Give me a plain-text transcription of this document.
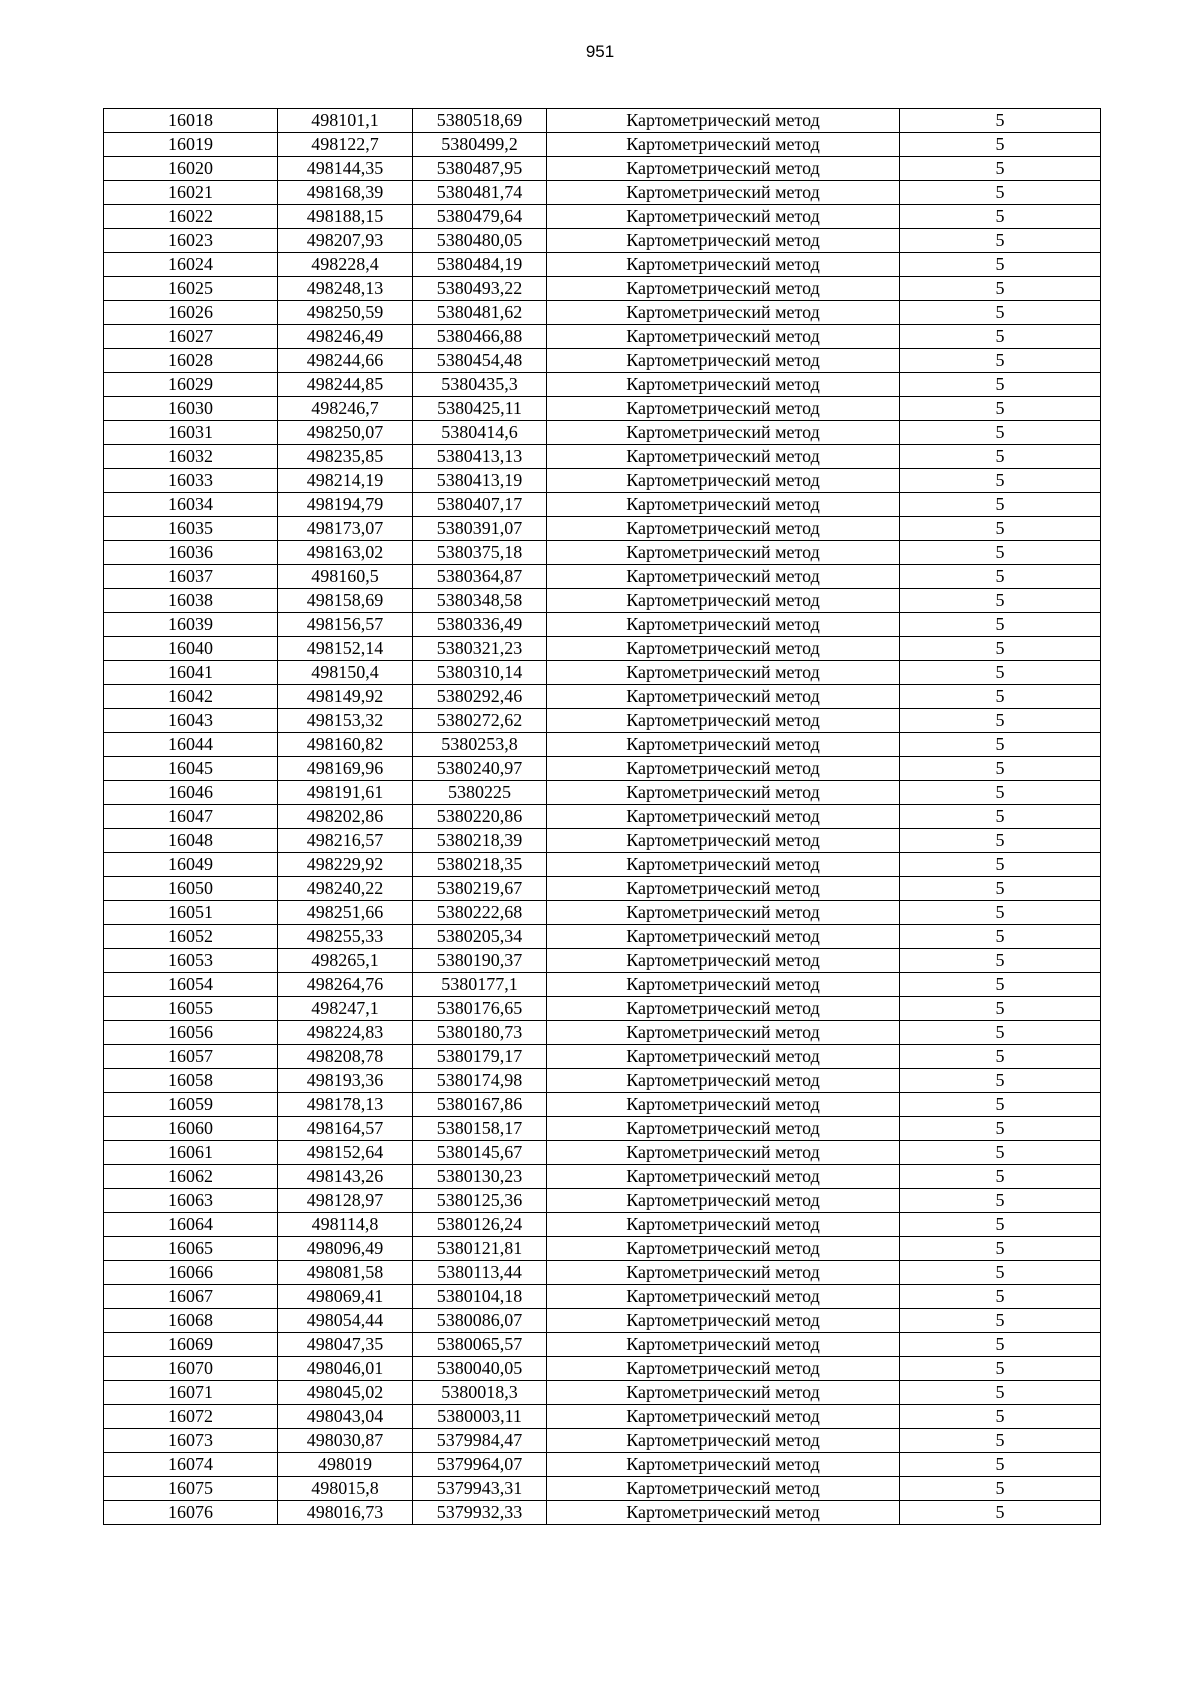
951
16018	498101,1	5380518,69	Картометрический метод	5
16019	498122,7	5380499,2	Картометрический метод	5
16020	498144,35	5380487,95	Картометрический метод	5
16021	498168,39	5380481,74	Картометрический метод	5
16022	498188,15	5380479,64	Картометрический метод	5
16023	498207,93	5380480,05	Картометрический метод	5
16024	498228,4	5380484,19	Картометрический метод	5
16025	498248,13	5380493,22	Картометрический метод	5
16026	498250,59	5380481,62	Картометрический метод	5
16027	498246,49	5380466,88	Картометрический метод	5
16028	498244,66	5380454,48	Картометрический метод	5
16029	498244,85	5380435,3	Картометрический метод	5
16030	498246,7	5380425,11	Картометрический метод	5
16031	498250,07	5380414,6	Картометрический метод	5
16032	498235,85	5380413,13	Картометрический метод	5
16033	498214,19	5380413,19	Картометрический метод	5
16034	498194,79	5380407,17	Картометрический метод	5
16035	498173,07	5380391,07	Картометрический метод	5
16036	498163,02	5380375,18	Картометрический метод	5
16037	498160,5	5380364,87	Картометрический метод	5
16038	498158,69	5380348,58	Картометрический метод	5
16039	498156,57	5380336,49	Картометрический метод	5
16040	498152,14	5380321,23	Картометрический метод	5
16041	498150,4	5380310,14	Картометрический метод	5
16042	498149,92	5380292,46	Картометрический метод	5
16043	498153,32	5380272,62	Картометрический метод	5
16044	498160,82	5380253,8	Картометрический метод	5
16045	498169,96	5380240,97	Картометрический метод	5
16046	498191,61	5380225	Картометрический метод	5
16047	498202,86	5380220,86	Картометрический метод	5
16048	498216,57	5380218,39	Картометрический метод	5
16049	498229,92	5380218,35	Картометрический метод	5
16050	498240,22	5380219,67	Картометрический метод	5
16051	498251,66	5380222,68	Картометрический метод	5
16052	498255,33	5380205,34	Картометрический метод	5
16053	498265,1	5380190,37	Картометрический метод	5
16054	498264,76	5380177,1	Картометрический метод	5
16055	498247,1	5380176,65	Картометрический метод	5
16056	498224,83	5380180,73	Картометрический метод	5
16057	498208,78	5380179,17	Картометрический метод	5
16058	498193,36	5380174,98	Картометрический метод	5
16059	498178,13	5380167,86	Картометрический метод	5
16060	498164,57	5380158,17	Картометрический метод	5
16061	498152,64	5380145,67	Картометрический метод	5
16062	498143,26	5380130,23	Картометрический метод	5
16063	498128,97	5380125,36	Картометрический метод	5
16064	498114,8	5380126,24	Картометрический метод	5
16065	498096,49	5380121,81	Картометрический метод	5
16066	498081,58	5380113,44	Картометрический метод	5
16067	498069,41	5380104,18	Картометрический метод	5
16068	498054,44	5380086,07	Картометрический метод	5
16069	498047,35	5380065,57	Картометрический метод	5
16070	498046,01	5380040,05	Картометрический метод	5
16071	498045,02	5380018,3	Картометрический метод	5
16072	498043,04	5380003,11	Картометрический метод	5
16073	498030,87	5379984,47	Картометрический метод	5
16074	498019	5379964,07	Картометрический метод	5
16075	498015,8	5379943,31	Картометрический метод	5
16076	498016,73	5379932,33	Картометрический метод	5
